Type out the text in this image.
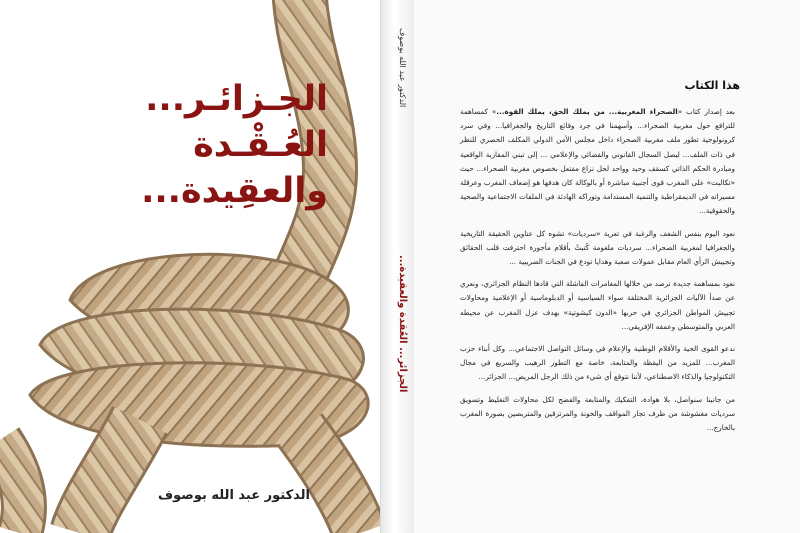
الجـزائـر...
العُـقْـدة
والعقِيدة...
الدكتور عبد الله بوصوف
الدكتور عبد الله بوصوف
الجزائر... العُقدة والعقيدة...
هذا الكتاب

بعد إصدار كتاب «الصحراء المغربية... من يملك الحق، يملك القوة...» كمساهمة للترافع حول مغربية الصحراء... وأسهمنا في جرد وقائع التاريخ والجغرافيا... وفي سرد كرونولوجية تطور ملف مغربية الصحراء داخل مجلس الأمن الدولي المكلف الحصري للنظر في ذات الملف... ليصل السجال القانوني والقضائي والإعلامي ... إلى تبني المقاربة الواقعية ومبادرة الحكم الذاتي كسقف وحيد وواحد لحل نزاع مفتعل بخصوص مغربية الصحراء... حيث «تكالبت» على المغرب قوى أجنبية مباشرة أو بالوكالة كان هدفها هو إضعاف المغرب وعرقلة مسيراته في الديمقراطية والتنمية المستدامة وتوراكه الهادئة في الملفات الاجتماعية والصحية والحقوقية...

نعود اليوم بنفس الشغف والرغبة في تعرية «سرديات» تشوه كل عناوين الحقيقة التاريخية والجغرافيا لمغربية الصحراء... سرديات ملغومة كُتبتْ بأقلام مأجورة احترفت قلب الحقائق وتجييش الرأي العام مقابل عمولات صعبة وهدايا تودع في الجنات الضريبية ...

نعود بمساهمة جديدة نرصد من خلالها المغامرات الفاشلة التي قادها النظام الجزائري، ونعري عن صدأ الآليات الجزائرية المختلفة سواء السياسية أو الدبلوماسية أو الإعلامية ومحاولات تجييش المواطن الجزائري في حربها «الدون كيشوتية» بهدف عزل المغرب عن محيطه العربي والمتوسطي وعمقه الإفريقي...

ندعو القوى الحية والأقلام الوطنية والإعلام في وسائل التواصل الاجتماعي... وكل أبناء حزب المغرب... للمزيد من اليقظة والمتابعة، خاصة مع التطور الرهيب والسريع في مجال التكنولوجيا والذكاء الاصطناعي، لأننا نتوقع أي شيء من ذلك الرجل المريض... الجزائر...

من جانبنا سنواصل، بلا هوادة، التفكيك والمتابعة والفضح لكل محاولات التغليط وتسويق سرديات مغشوشة من طرف تجار المواقف والخونة والمرتزقين والمتربصين بصورة المغرب بالخارج...
